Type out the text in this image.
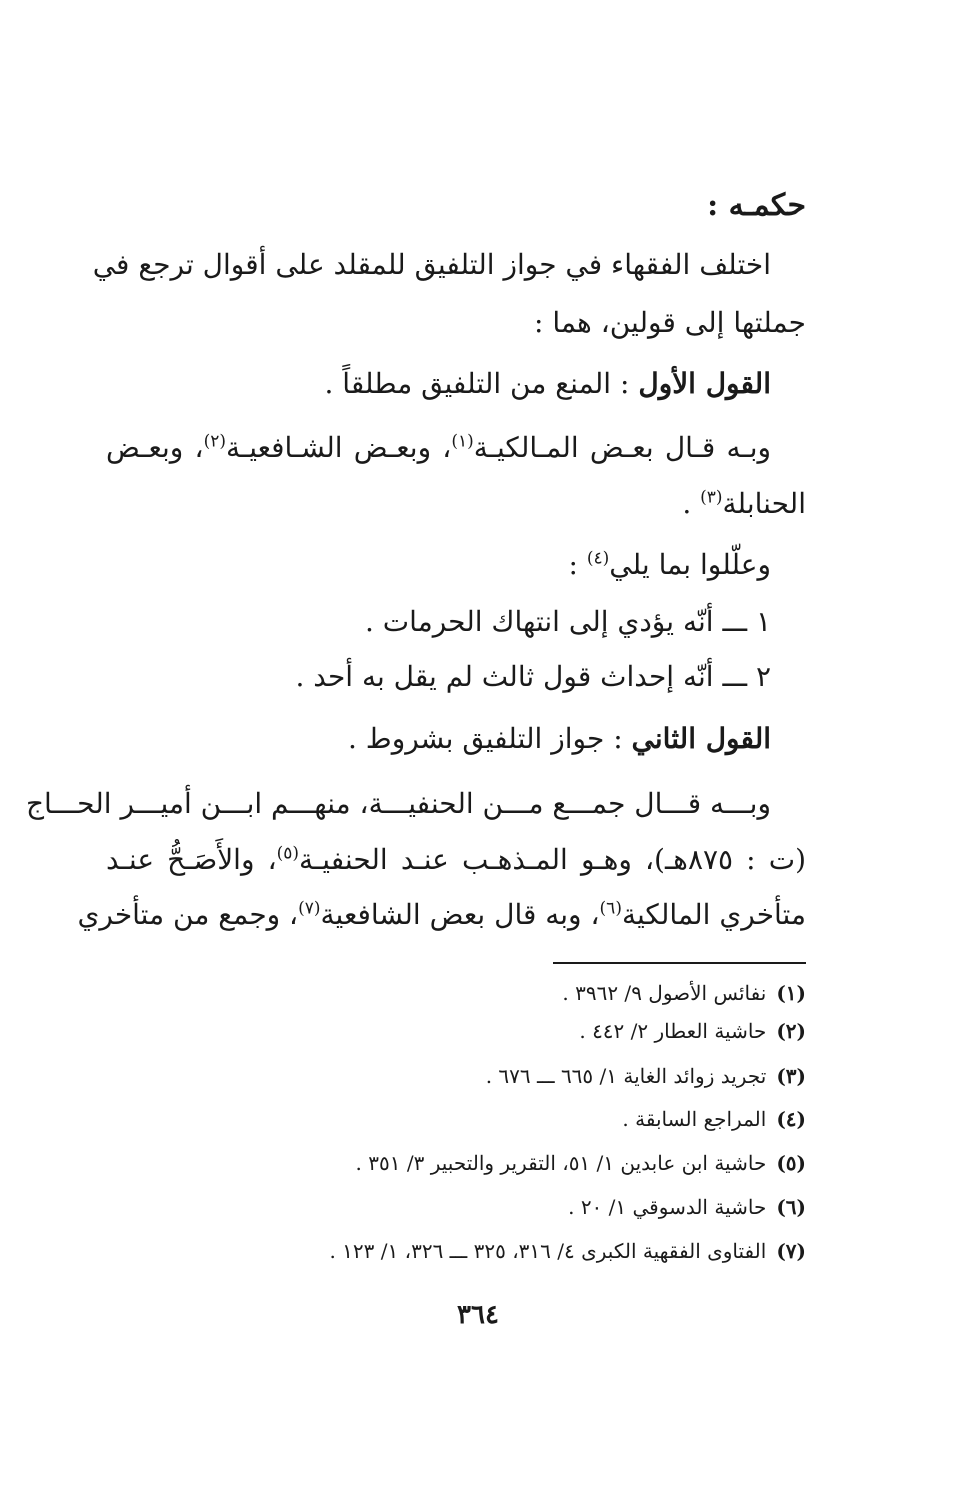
حكمـه :
اختلف الفقهاء في جواز التلفيق للمقلد على أقوال ترجع في
جملتها إلى قولين، هما :
القول الأول : المنع من التلفيق مطلقاً .
وبـه قـال بعـض المـالكيـة$^{(١)}$، وبعـض الشـافعيـة$^{(٢)}$، وبعـض
الحنابلة$^{(٣)}$ .
وعلّلوا بما يلي$^{(٤)}$ :
١ ـــ أنّه يؤدي إلى انتهاك الحرمات .
٢ ـــ أنّه إحداث قول ثالث لم يقل به أحد .
القول الثاني : جواز التلفيق بشروط .
وبـــه قـــال جمـــع مـــن الحنفيـــة، منهـــم ابـــن أميـــر الحـــاج
(ت : ٨٧٥هـ)، وهـو المـذهـب عنـد الحنفيـة$^{(٥)}$، والأَصَـحُّ عنـد
متأخري المالكية$^{(٦)}$، وبه قال بعض الشافعية$^{(٧)}$، وجمع من متأخري
(١)نفائس الأصول ٩/ ٣٩٦٢ .
(٢)حاشية العطار ٢/ ٤٤٢ .
(٣)تجريد زوائد الغاية ١/ ٦٦٥ ـــ ٦٧٦ .
(٤)المراجع السابقة .
(٥)حاشية ابن عابدين ١/ ٥١، التقرير والتحبير ٣/ ٣٥١ .
(٦)حاشية الدسوقي ١/ ٢٠ .
(٧)الفتاوى الفقهية الكبرى ٤/ ٣١٦، ٣٢٥ ـــ ٣٢٦، ١/ ١٢٣ .
٣٦٤
